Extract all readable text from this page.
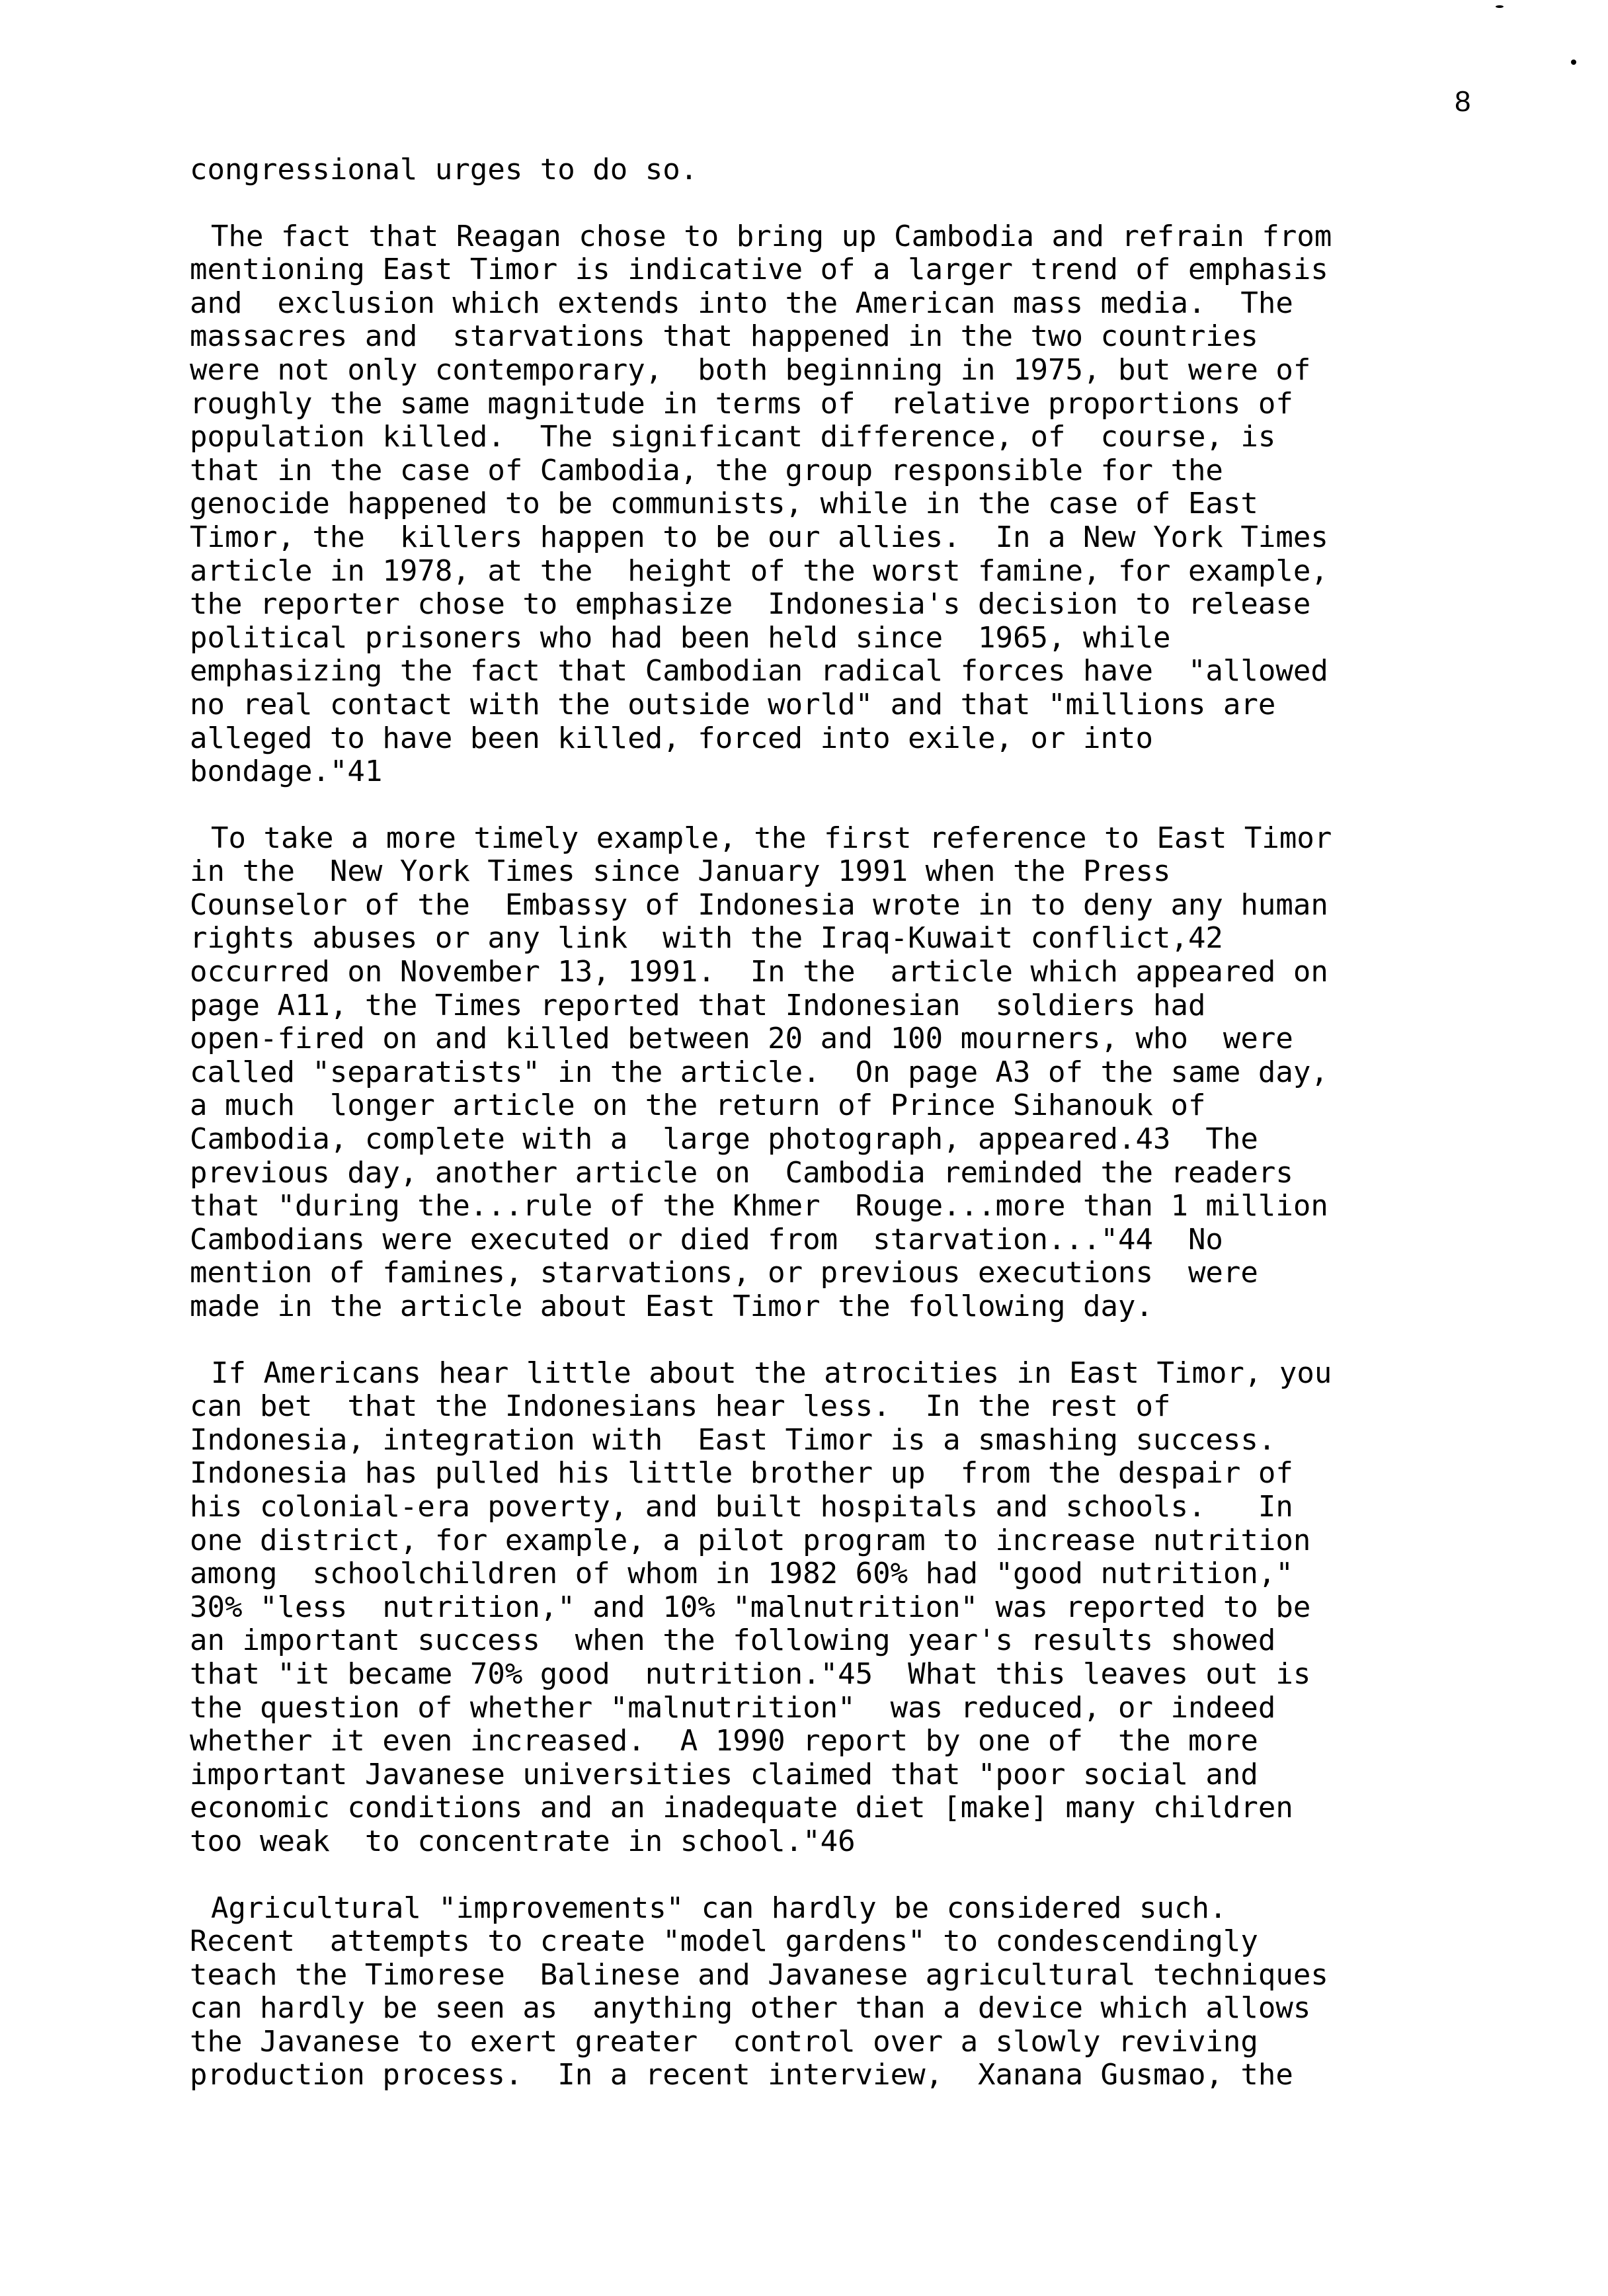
8
congressional urges to do so.
The fact that Reagan chose to bring up Cambodia and refrain from
mentioning East Timor is indicative of a larger trend of emphasis
and  exclusion which extends into the American mass media.  The
massacres and  starvations that happened in the two countries
were not only contemporary,  both beginning in 1975, but were of
roughly the same magnitude in terms of  relative proportions of
population killed.  The significant difference, of  course, is
that in the case of Cambodia, the group responsible for the
genocide happened to be communists, while in the case of East
Timor, the  killers happen to be our allies.  In a New York Times
article in 1978, at the  height of the worst famine, for example,
the reporter chose to emphasize  Indonesia's decision to release
political prisoners who had been held since  1965, while
emphasizing the fact that Cambodian radical forces have  "allowed
no real contact with the outside world" and that "millions are
alleged to have been killed, forced into exile, or into
bondage."41
To take a more timely example, the first reference to East Timor
in the  New York Times since January 1991 when the Press
Counselor of the  Embassy of Indonesia wrote in to deny any human
rights abuses or any link  with the Iraq-Kuwait conflict,42
occurred on November 13, 1991.  In the  article which appeared on
page A11, the Times reported that Indonesian  soldiers had
open-fired on and killed between 20 and 100 mourners, who  were
called "separatists" in the article.  On page A3 of the same day,
a much  longer article on the return of Prince Sihanouk of
Cambodia, complete with a  large photograph, appeared.43  The
previous day, another article on  Cambodia reminded the readers
that "during the...rule of the Khmer  Rouge...more than 1 million
Cambodians were executed or died from  starvation..."44  No
mention of famines, starvations, or previous executions  were
made in the article about East Timor the following day.
If Americans hear little about the atrocities in East Timor, you
can bet  that the Indonesians hear less.  In the rest of
Indonesia, integration with  East Timor is a smashing success.
Indonesia has pulled his little brother up  from the despair of
his colonial-era poverty, and built hospitals and schools.   In
one district, for example, a pilot program to increase nutrition
among  schoolchildren of whom in 1982 60% had "good nutrition,"
30% "less  nutrition," and 10% "malnutrition" was reported to be
an important success  when the following year's results showed
that "it became 70% good  nutrition."45  What this leaves out is
the question of whether "malnutrition"  was reduced, or indeed
whether it even increased.  A 1990 report by one of  the more
important Javanese universities claimed that "poor social and
economic conditions and an inadequate diet [make] many children
too weak  to concentrate in school."46
Agricultural "improvements" can hardly be considered such.
Recent  attempts to create "model gardens" to condescendingly
teach the Timorese  Balinese and Javanese agricultural techniques
can hardly be seen as  anything other than a device which allows
the Javanese to exert greater  control over a slowly reviving
production process.  In a recent interview,  Xanana Gusmao, the
